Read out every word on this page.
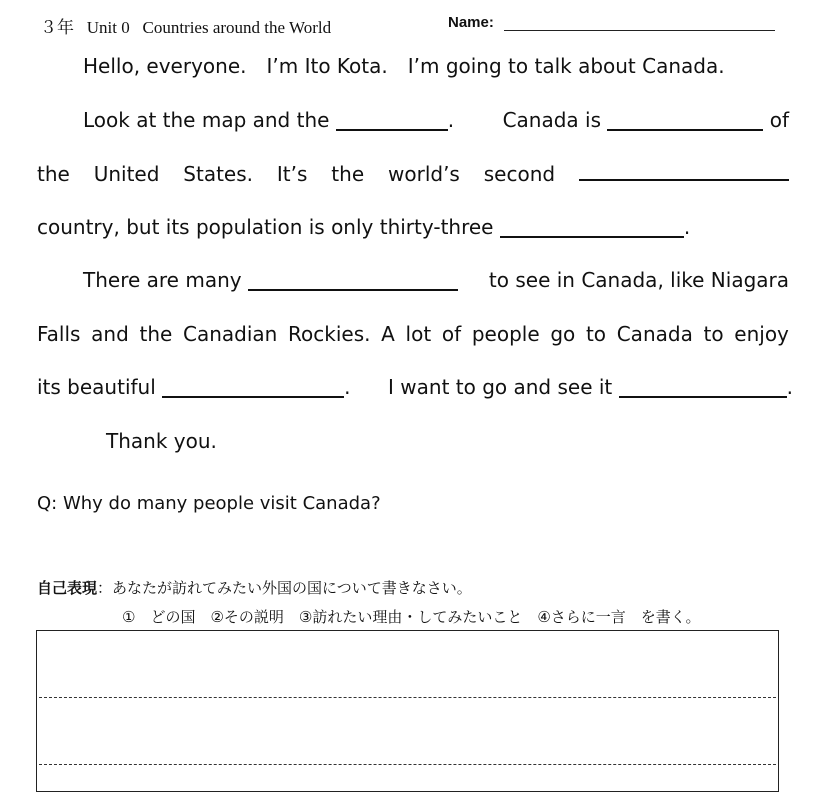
３年 Unit 0 Countries around the World	Name:
Hello, everyone.　I’m Ito Kota.　I’m going to talk about Canada.
Look at the map and the	. Canada is	of
the United States. It’s the world’s second
country, but its population is only thirty-three	.
There are many	to see in Canada, like Niagara
Falls and the Canadian Rockies. A lot of people go to Canada to enjoy
its beautiful	. I want to go and see it	.
Thank you.
Q: Why do many people visit Canada?
自己表現：あなたが訪れてみたい外国の国について書きなさい。
①　どの国　②その説明　③訪れたい理由・してみたいこと　④さらに一言　を書く。
